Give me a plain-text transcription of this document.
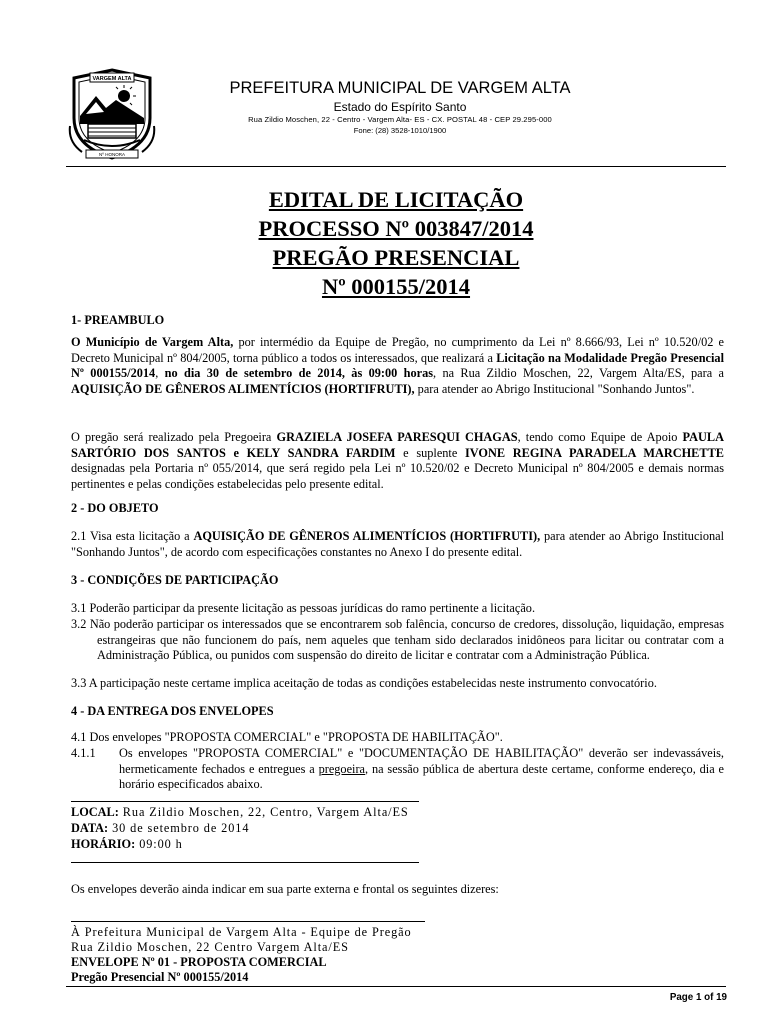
VARGEM ALTA
Nº HONORA
PREFEITURA MUNICIPAL DE VARGEM ALTA
Estado do Espírito Santo
Rua Zildio Moschen, 22 - Centro - Vargem Alta- ES - CX. POSTAL 48 - CEP 29.295-000
Fone: (28) 3528-1010/1900
EDITAL DE LICITAÇÃO
PROCESSO Nº 003847/2014
PREGÃO PRESENCIAL
Nº 000155/2014
1- PREAMBULO
O Município de Vargem Alta, por intermédio da Equipe de Pregão, no cumprimento da Lei nº 8.666/93, Lei nº 10.520/02 e Decreto Municipal nº 804/2005, torna público a todos os interessados, que realizará a Licitação na Modalidade Pregão Presencial Nº 000155/2014, no dia 30 de setembro de 2014, às 09:00 horas, na Rua Zildio Moschen, 22, Vargem Alta/ES, para a AQUISIÇÃO DE GÊNEROS ALIMENTÍCIOS (HORTIFRUTI), para atender ao Abrigo Institucional "Sonhando Juntos".
O pregão será realizado pela Pregoeira GRAZIELA JOSEFA PARESQUI CHAGAS, tendo como Equipe de Apoio PAULA SARTÓRIO DOS SANTOS e KELY SANDRA FARDIM e suplente IVONE REGINA PARADELA MARCHETTE designadas pela Portaria nº 055/2014, que será regido pela Lei nº 10.520/02 e Decreto Municipal nº 804/2005 e demais normas pertinentes e pelas condições estabelecidas pelo presente edital.
2 - DO OBJETO
2.1 Visa esta licitação a AQUISIÇÃO DE GÊNEROS ALIMENTÍCIOS (HORTIFRUTI), para atender ao Abrigo Institucional "Sonhando Juntos", de acordo com especificações constantes no Anexo I do presente edital.
3 - CONDIÇÕES DE PARTICIPAÇÃO
3.1 Poderão participar da presente licitação as pessoas jurídicas do ramo pertinente a licitação.
3.2 Não poderão participar os interessados que se encontrarem sob falência, concurso de credores, dissolução, liquidação, empresas estrangeiras que não funcionem do país, nem aqueles que tenham sido declarados inidôneos para licitar ou contratar com a Administração Pública, ou punidos com suspensão do direito de licitar e contratar com a Administração Pública.
3.3 A participação neste certame implica aceitação de todas as condições estabelecidas neste instrumento convocatório.
4 - DA ENTREGA DOS ENVELOPES
4.1 Dos envelopes "PROPOSTA COMERCIAL" e "PROPOSTA DE HABILITAÇÃO".
4.1.1 Os envelopes "PROPOSTA COMERCIAL" e "DOCUMENTAÇÃO DE HABILITAÇÃO" deverão ser indevassáveis, hermeticamente fechados e entregues a pregoeira, na sessão pública de abertura deste certame, conforme endereço, dia e horário especificados abaixo.
LOCAL: Rua Zildio Moschen, 22, Centro, Vargem Alta/ES
DATA: 30 de setembro de 2014
HORÁRIO: 09:00 h
Os envelopes deverão ainda indicar em sua parte externa e frontal os seguintes dizeres:
À Prefeitura Municipal de Vargem Alta - Equipe de Pregão
Rua Zildio Moschen, 22 Centro Vargem Alta/ES
ENVELOPE Nº 01 - PROPOSTA COMERCIAL
Pregão Presencial Nº 000155/2014
Page 1 of 19
